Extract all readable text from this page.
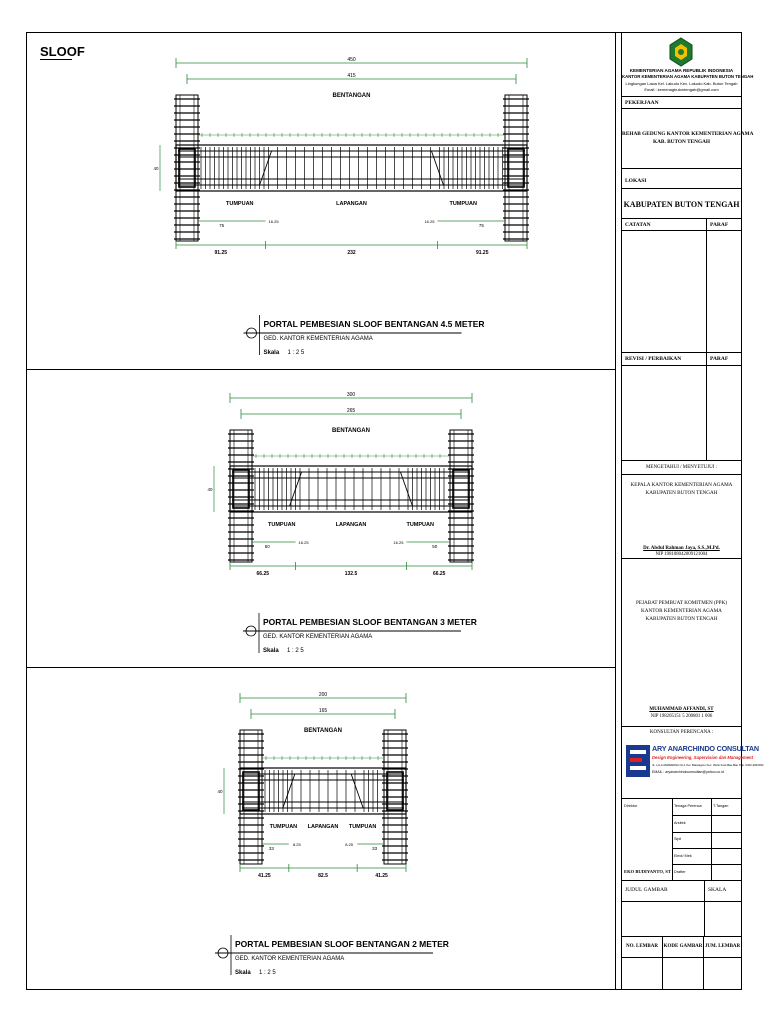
SLOOF
450
415
BENTANGAN
40
TUMPUAN	LAPANGAN	TUMPUAN
75	75
16.25	16.25
91.25	232	91.25
PORTAL PEMBESIAN SLOOF BENTANGAN 4.5 METER
GED. KANTOR KEMENTERIAN AGAMA
Skala 1 : 2 5
300
265
BENTANGAN
40
TUMPUAN	LAPANGAN	TUMPUAN
50	50
16.25	16.25
66.25	132.5	66.25
PORTAL PEMBESIAN SLOOF BENTANGAN 3 METER
GED. KANTOR KEMENTERIAN AGAMA
Skala 1 : 2 5
200
165
BENTANGAN
40
TUMPUAN LAPANGAN TUMPUAN
33	33
8.25	8.25
41.25	82.5	41.25
PORTAL PEMBESIAN SLOOF BENTANGAN 2 METER
GED. KANTOR KEMENTERIAN AGAMA
Skala 1 : 2 5
KEMENTERIAN AGAMA REPUBLIK INDONESIA
KANTOR KEMENTERIAN AGAMA KABUPATEN BUTON TENGAH
Lingkungan Lawa Kel. Lakudo Kec. Lakudo Kab. Buton Tengah
Email : kemenagbutontengah@gmail.com
PEKERJAAN
REHAB GEDUNG KANTOR KEMENTERIAN AGAMA
KAB. BUTON TENGAH
LOKASI
KABUPATEN BUTON TENGAH
CATATAN	PARAF
REVISI / PERBAIKAN	PARAF
MENGETAHUI / MENYETUJUI :
KEPALA KANTOR KEMENTERIAN AGAMA
KABUPATEN BUTON TENGAH
Dr. Abdul Rahman Jaya, S.S.,M.Pd.
NIP 198108042009121004
PEJABAT PEMBUAT KOMITMEN (PPK)
KANTOR KEMENTERIAN AGAMA
KABUPATEN BUTON TENGAH
MUHAMMAD AFFANDI, ST
NIP 198205151 5 200801 1 006
KONSULTAN PERENCANA :
ARY ANARCHINDO CONSULTAN
Design Engineering, Supervision dan Management
JL. H.LA ANDEMANA No.1 Kel. Bataraguru Kec. Wolio Kota Bau-Bau Telp. 0402-2823032
EMAIL : aryanarchindoconsultan@yahoo.co.id
Direktur	Tenaga Perenca	T.Tangan
Arsitek
Sipil
Elect/ Mek
Drafter
EKO BUDIYANTO, ST
JUDUL GAMBAR	SKALA
NO. LEMBAR	KODE GAMBAR JUM. LEMBAR
